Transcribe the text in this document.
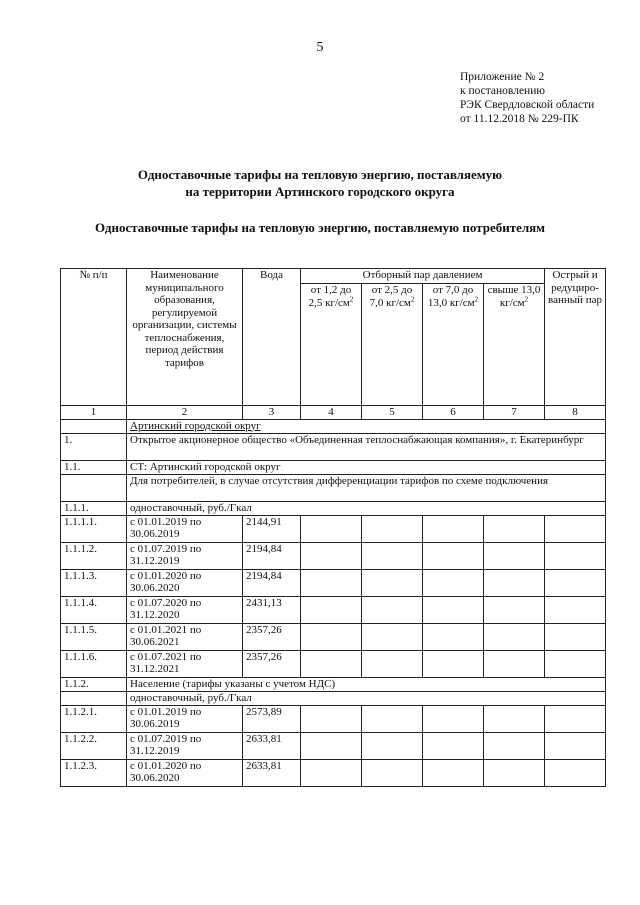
5
Приложение № 2
к постановлению
РЭК Свердловской области
от 11.12.2018 № 229-ПК
Одноставочные тарифы на тепловую энергию, поставляемую
на территории Артинского городского округа
Одноставочные тарифы на тепловую энергию, поставляемую потребителям
№ п/п	Наименование муниципального образования, регулируемой организации, системы теплоснабжения, период действия тарифов	Вода	Отборный пар давлением				Острый и редуциро-ванный пар
			от 1,2 до 2,5 $кг/см^2$	от 2,5 до 7,0 $кг/см^2$	от 7,0 до 13,0 $кг/см^2$	свыше 13,0 $кг/см^2$
1	2	3	4	5	6	7	8
	Артинский городской округ						
1.	Открытое акционерное общество «Объединенная теплоснабжающая компания», г. Екатеринбург						
1.1.	СТ: Артинский городской округ						
	Для потребителей, в случае отсутствия дифференциации тарифов по схеме подключения						
1.1.1.	одноставочный, руб./Гкал						
1.1.1.1.	с 01.01.2019 по 30.06.2019	2144,91					
1.1.1.2.	с 01.07.2019 по 31.12.2019	2194,84					
1.1.1.3.	с 01.01.2020 по 30.06.2020	2194,84					
1.1.1.4.	с 01.07.2020 по 31.12.2020	2431,13					
1.1.1.5.	с 01.01.2021 по 30.06.2021	2357,26					
1.1.1.6.	с 01.07.2021 по 31.12.2021	2357,26					
1.1.2.	Население (тарифы указаны с учетом НДС)						
	одноставочный, руб./Гкал						
1.1.2.1.	с 01.01.2019 по 30.06.2019	2573,89					
1.1.2.2.	с 01.07.2019 по 31.12.2019	2633,81					
1.1.2.3.	с 01.01.2020 по 30.06.2020	2633,81					
